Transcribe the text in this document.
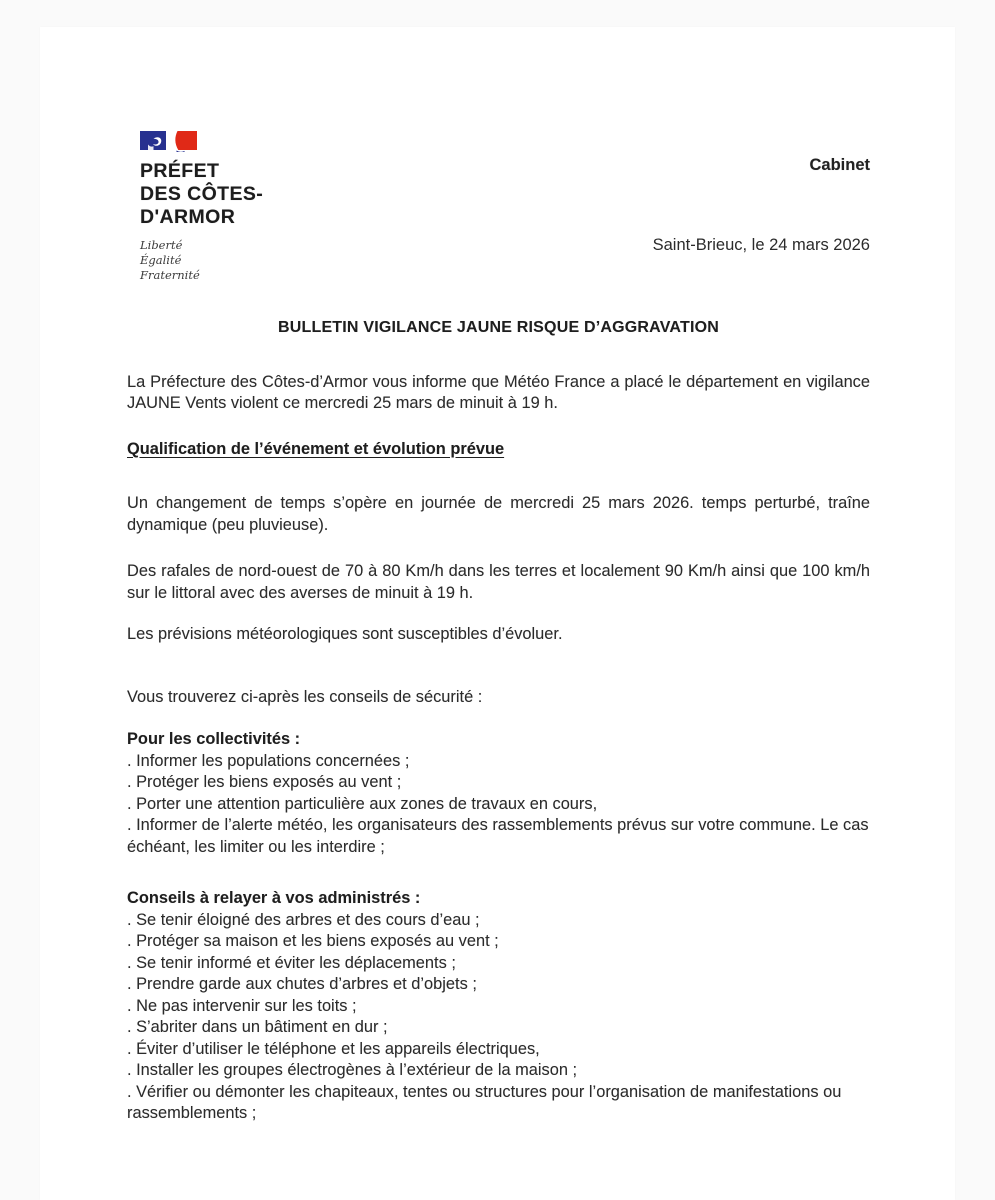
PRÉFET
DES CÔTES-
D'ARMOR
Liberté
Égalité
Fraternité
Cabinet
Saint-Brieuc, le 24 mars 2026
BULLETIN VIGILANCE JAUNE RISQUE D’AGGRAVATION

La Préfecture des Côtes-d’Armor vous informe que Météo France a placé le département en vigilance JAUNE Vents violent ce mercredi 25 mars de minuit à 19 h.

Qualification de l’événement et évolution prévue

Un changement de temps s’opère en journée de mercredi 25 mars 2026. temps perturbé, traîne dynamique (peu pluvieuse).

Des rafales de nord-ouest de 70 à 80 Km/h dans les terres et localement 90 Km/h ainsi que 100 km/h sur le littoral avec des averses de minuit à 19 h.

Les prévisions météorologiques sont susceptibles d’évoluer.

Vous trouverez ci-après les conseils de sécurité :

Pour les collectivités :
. Informer les populations concernées ;
. Protéger les biens exposés au vent ;
. Porter une attention particulière aux zones de travaux en cours,
. Informer de l’alerte météo, les organisateurs des rassemblements prévus sur votre commune. Le cas échéant, les limiter ou les interdire ;
Conseils à relayer à vos administrés :
. Se tenir éloigné des arbres et des cours d’eau ;
. Protéger sa maison et les biens exposés au vent ;
. Se tenir informé et éviter les déplacements ;
. Prendre garde aux chutes d’arbres et d’objets ;
. Ne pas intervenir sur les toits ;
. S’abriter dans un bâtiment en dur ;
. Éviter d’utiliser le téléphone et les appareils électriques,
. Installer les groupes électrogènes à l’extérieur de la maison ;
. Vérifier ou démonter les chapiteaux, tentes ou structures pour l’organisation de manifestations ou rassemblements ;
